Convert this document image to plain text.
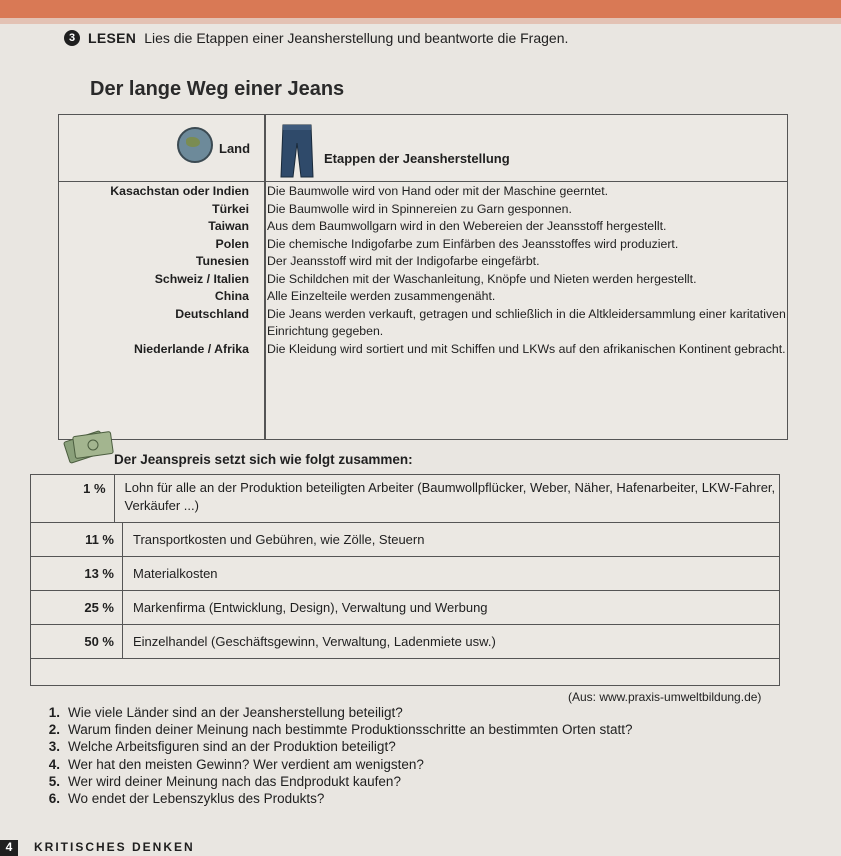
3 LESEN Lies die Etappen einer Jeansherstellung und beantworte die Fragen.
Der lange Weg einer Jeans
Land
Etappen der Jeansherstellung
Kasachstan oder Indien	Die Baumwolle wird von Hand oder mit der Maschine geerntet.
Türkei	Die Baumwolle wird in Spinnereien zu Garn gesponnen.
Taiwan	Aus dem Baumwollgarn wird in den Webereien der Jeansstoff hergestellt.
Polen	Die chemische Indigofarbe zum Einfärben des Jeansstoffes wird produziert.
Tunesien	Der Jeansstoff wird mit der Indigofarbe eingefärbt.
Schweiz / Italien	Die Schildchen mit der Waschanleitung, Knöpfe und Nieten werden hergestellt.
China	Alle Einzelteile werden zusammengenäht.
Deutschland	Die Jeans werden verkauft, getragen und schließlich in die Altkleidersammlung einer karitativen Einrichtung gegeben.
Niederlande / Afrika	Die Kleidung wird sortiert und mit Schiffen und LKWs auf den afrikanischen Kontinent gebracht.
Der Jeanspreis setzt sich wie folgt zusammen:
1 %	Lohn für alle an der Produktion beteiligten Arbeiter (Baumwollpflücker, Weber, Näher, Hafenarbeiter, LKW-Fahrer, Verkäufer ...)
11 %	Transportkosten und Gebühren, wie Zölle, Steuern
13 %	Materialkosten
25 %	Markenfirma (Entwicklung, Design), Verwaltung und Werbung
50 %	Einzelhandel (Geschäftsgewinn, Verwaltung, Ladenmiete usw.)
(Aus: www.praxis-umweltbildung.de)
1. Wie viele Länder sind an der Jeansherstellung beteiligt?
2. Warum finden deiner Meinung nach bestimmte Produktionsschritte an bestimmten Orten statt?
3. Welche Arbeitsfiguren sind an der Produktion beteiligt?
4. Wer hat den meisten Gewinn? Wer verdient am wenigsten?
5. Wer wird deiner Meinung nach das Endprodukt kaufen?
6. Wo endet der Lebenszyklus des Produkts?
4	KRITISCHES DENKEN
